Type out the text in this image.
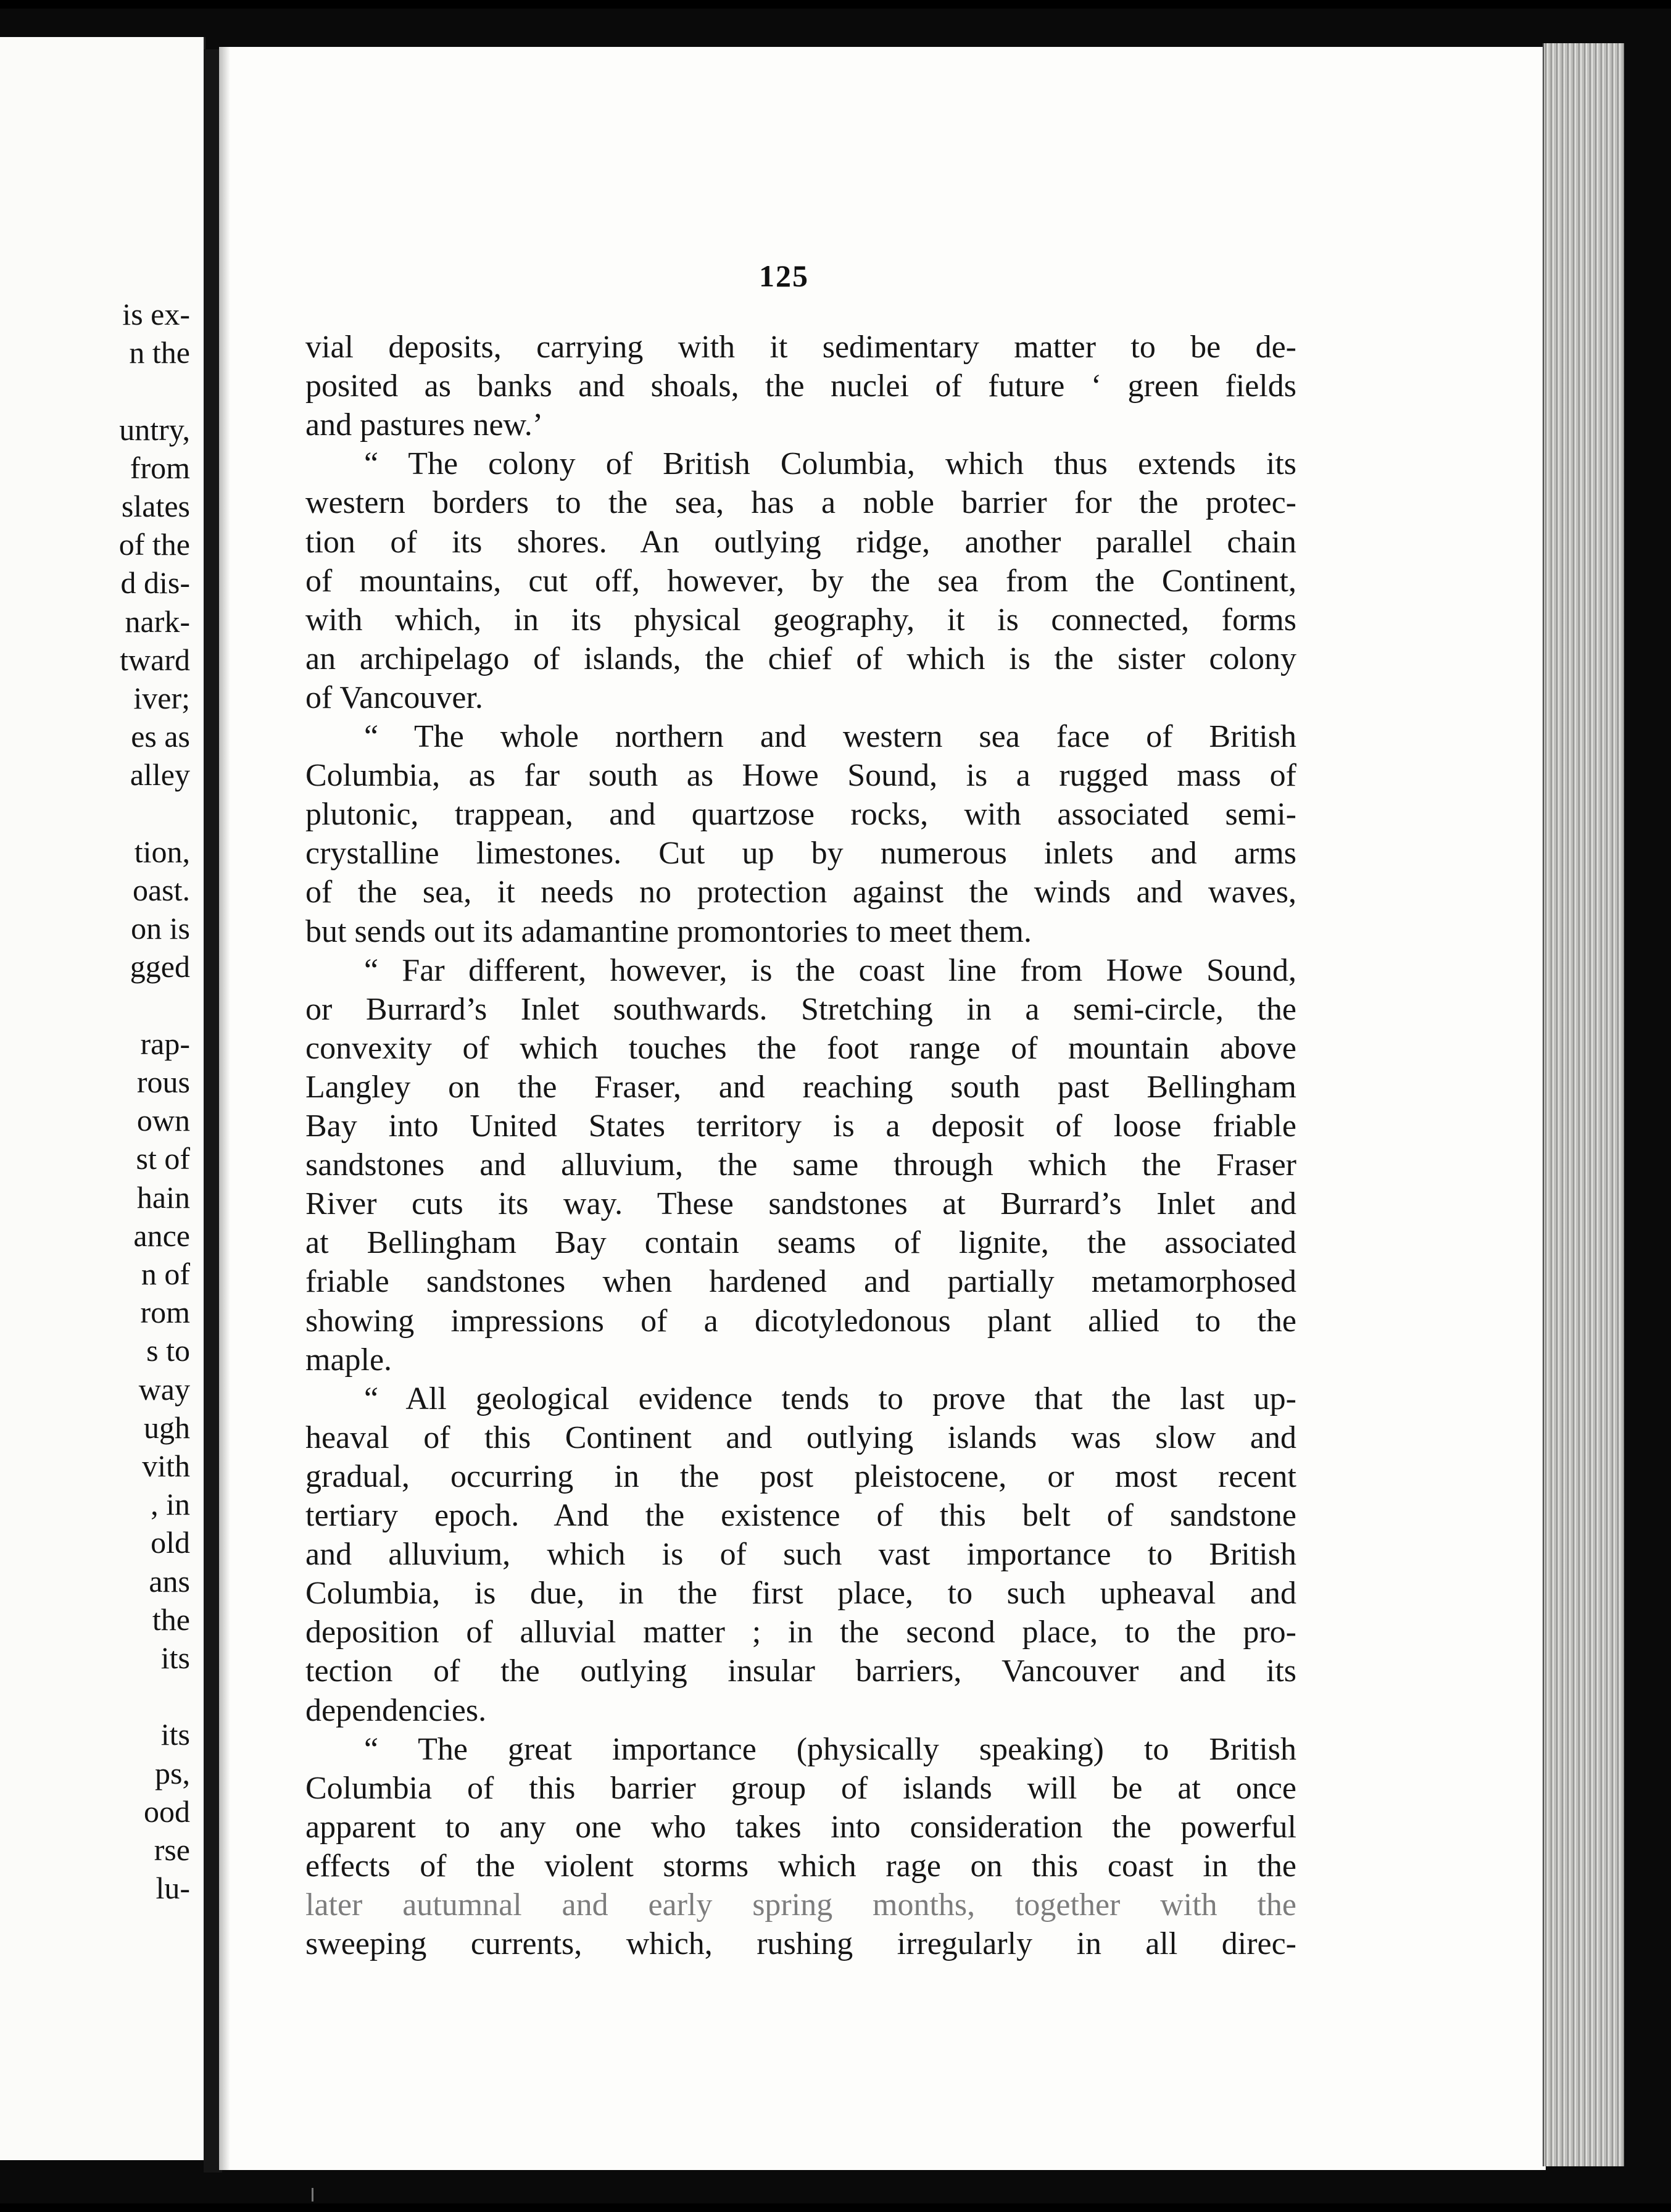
is ex-
n the
untry,
from
slates
of the
d dis-
nark-
tward
iver;
es as
alley
tion,
oast.
on is
gged
rap-
rous
own
st of
hain
ance
n of
rom
s to
way
ugh
vith
, in
old
ans
the
its
its
ps,
ood
rse
lu-
125
vial deposits, carrying with it sedimentary matter to be de-
posited as banks and shoals, the nuclei of future ‘ green fields
and pastures new.’
“ The colony of British Columbia, which thus extends its
western borders to the sea, has a noble barrier for the protec-
tion of its shores. An outlying ridge, another parallel chain
of mountains, cut off, however, by the sea from the Continent,
with which, in its physical geography, it is connected, forms
an archipelago of islands, the chief of which is the sister colony
of Vancouver.
“ The whole northern and western sea face of British
Columbia, as far south as Howe Sound, is a rugged mass of
plutonic, trappean, and quartzose rocks, with associated semi-
crystalline limestones. Cut up by numerous inlets and arms
of the sea, it needs no protection against the winds and waves,
but sends out its adamantine promontories to meet them.
“ Far different, however, is the coast line from Howe Sound,
or Burrard’s Inlet southwards. Stretching in a semi-circle, the
convexity of which touches the foot range of mountain above
Langley on the Fraser, and reaching south past Bellingham
Bay into United States territory is a deposit of loose friable
sandstones and alluvium, the same through which the Fraser
River cuts its way. These sandstones at Burrard’s Inlet and
at Bellingham Bay contain seams of lignite, the associated
friable sandstones when hardened and partially metamorphosed
showing impressions of a dicotyledonous plant allied to the
maple.
“ All geological evidence tends to prove that the last up-
heaval of this Continent and outlying islands was slow and
gradual, occurring in the post pleistocene, or most recent
tertiary epoch. And the existence of this belt of sandstone
and alluvium, which is of such vast importance to British
Columbia, is due, in the first place, to such upheaval and
deposition of alluvial matter ; in the second place, to the pro-
tection of the outlying insular barriers, Vancouver and its
dependencies.
“ The great importance (physically speaking) to British
Columbia of this barrier group of islands will be at once
apparent to any one who takes into consideration the powerful
effects of the violent storms which rage on this coast in the
later autumnal and early spring months, together with the
sweeping currents, which, rushing irregularly in all direc-
